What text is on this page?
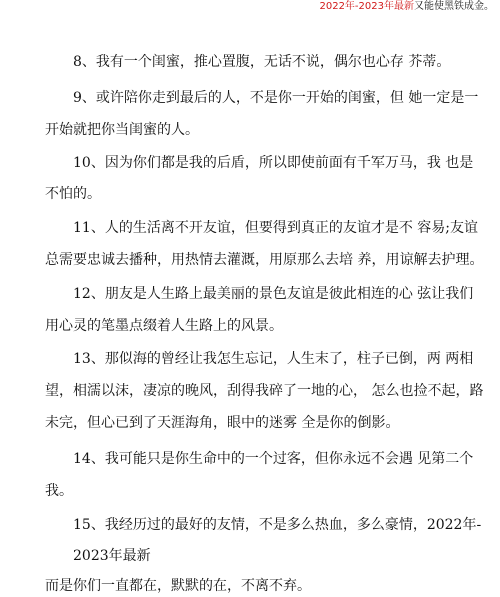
2022年-2023年最新又能使黑铁成金。
8、我有一个闺蜜，推心置腹，无话不说，偶尔也心存 芥蒂。
9、或许陪你走到最后的人，不是你一开始的闺蜜，但 她一定是一
开始就把你当闺蜜的人。
10、因为你们都是我的后盾，所以即使前面有千军万马，我 也是
不怕的。
11、人的生活离不开友谊，但要得到真正的友谊才是不 容易;友谊
总需要忠诚去播种，用热情去灌溉，用原那么去培 养，用谅解去护理。
12、朋友是人生路上最美丽的景色友谊是彼此相连的心 弦让我们
用心灵的笔墨点缀着人生路上的风景。
13、那似海的曾经让我怎生忘记，人生末了，柱子已倒，两 两相
望，相濡以沫，凄凉的晚风，刮得我碎了一地的心， 怎么也捡不起，路
未完，但心已到了天涯海角，眼中的迷雾 全是你的倒影。
14、我可能只是你生命中的一个过客，但你永远不会遇 见第二个
我。
15、我经历过的最好的友情，不是多么热血，多么豪情，2022年-
2023年最新
而是你们一直都在，默默的在，不离不弃。
